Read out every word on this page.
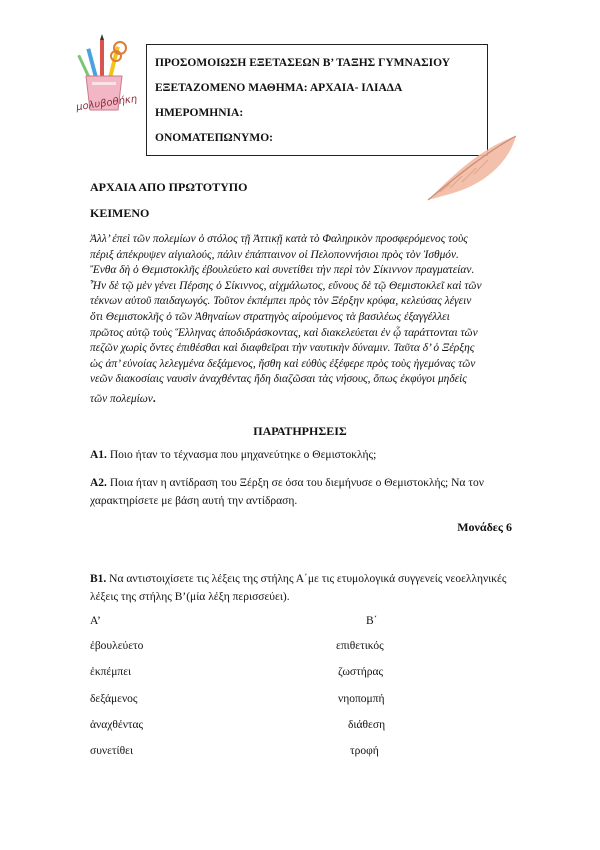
μολυβοθήκη
ΠΡΟΣΟΜΟΙΩΣΗ ΕΞΕΤΑΣΕΩΝ Β’ ΤΑΞΗΣ ΓΥΜΝΑΣΙΟΥ
ΕΞΕΤΑΖΟΜΕΝΟ ΜΑΘΗΜΑ: ΑΡΧΑΙΑ- ΙΛΙΑΔΑ
ΗΜΕΡΟΜΗΝΙΑ:
ΟΝΟΜΑΤΕΠΩΝΥΜΟ:
ΑΡΧΑΙΑ ΑΠΟ ΠΡΩΤΟΤΥΠΟ
ΚΕΙΜΕΝΟ
Ἀλλ’ ἐπεὶ τῶν πολεμίων ὁ στόλος τῇ Ἀττικῇ κατὰ τὸ Φαληρικὸν προσφερόμενος τοὺς
πέριξ ἀπέκρυψεν αἰγιαλούς, πάλιν ἐπάπταινον οἱ Πελοποννήσιοι πρὸς τὸν Ἰσθμόν.
Ἔνθα δὴ ὁ Θεμιστοκλῆς ἐβουλεύετο καὶ συνετίθει τὴν περὶ τὸν Σίκιννον πραγματείαν.
Ἦν δὲ τῷ μὲν γένει Πέρσης ὁ Σίκιννος, αἰχμάλωτος, εὔνους δὲ τῷ Θεμιστοκλεῖ καὶ τῶν
τέκνων αὐτοῦ παιδαγωγός. Τοῦτον ἐκπέμπει πρὸς τὸν Ξέρξην κρύφα, κελεύσας λέγειν
ὅτι Θεμιστοκλῆς ὁ τῶν Ἀθηναίων στρατηγὸς αἱρούμενος τὰ βασιλέως ἐξαγγέλλει
πρῶτος αὐτῷ τοὺς Ἕλληνας ἀποδιδράσκοντας, καὶ διακελεύεται ἐν ᾧ ταράττονται τῶν
πεζῶν χωρὶς ὄντες ἐπιθέσθαι καὶ διαφθεῖραι τὴν ναυτικὴν δύναμιν. Ταῦτα δ’ ὁ Ξέρξης
ὡς ἀπ’ εὐνοίας λελεγμένα δεξάμενος, ἥσθη καὶ εὐθὺς ἐξέφερε πρὸς τοὺς ἡγεμόνας τῶν
νεῶν διακοσίαις ναυσὶν ἀναχθέντας ἤδη διαζῶσαι τὰς νήσους, ὅπως ἐκφύγοι μηδεὶς
τῶν πολεμίων.
ΠΑΡΑΤΗΡΗΣΕΙΣ
Α1. Ποιο ήταν το τέχνασμα που μηχανεύτηκε ο Θεμιστοκλής;
Α2. Ποια ήταν η αντίδραση του Ξέρξη σε όσα του διεμήνυσε ο Θεμιστοκλής; Να τον χαρακτηρίσετε με βάση αυτή την αντίδραση.
Μονάδες 6
Β1. Να αντιστοιχίσετε τις λέξεις της στήλης Α΄με τις ετυμολογικά συγγενείς νεοελληνικές λέξεις της στήλης Β’(μία λέξη περισσεύει).
Α’	Β΄
ἐβουλεύετο
ἐκπέμπει
δεξάμενος
ἀναχθέντας
συνετίθει
επιθετικός
ζωστήρας
νηοπομπή
διάθεση
τροφή
